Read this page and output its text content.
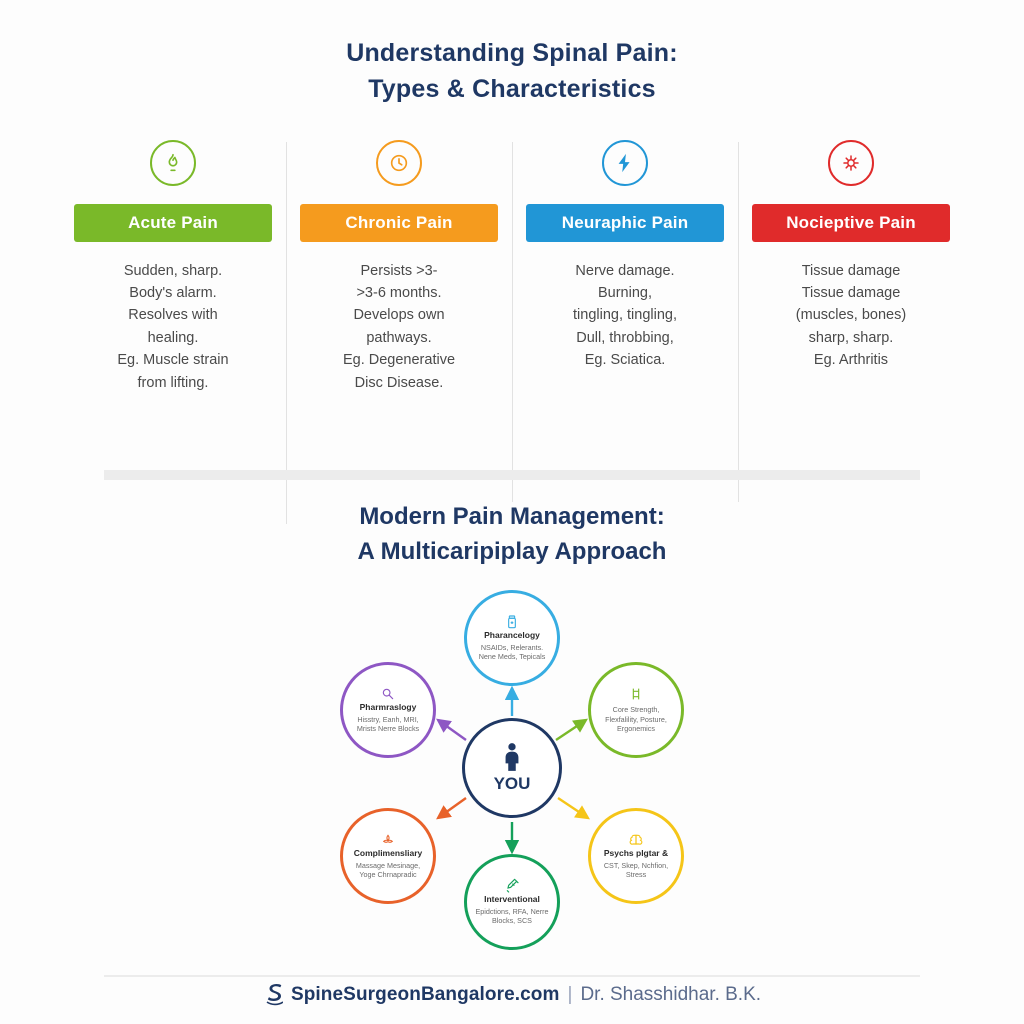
Understanding Spinal Pain:
Types & Characteristics
Acute Pain
Sudden, sharp.
Body's alarm.
Resolves with
healing.
Eg. Muscle strain
from lifting.
Chronic Pain
Persists >3-
>3-6 months.
Develops own
pathways.
Eg. Degenerative
Disc Disease.
Neuraphic Pain
Nerve damage.
Burning,
tingling, tingling,
Dull, throbbing,
Eg. Sciatica.
Nocieptive Pain
Tissue damage
Tissue damage
(muscles, bones)
sharp, sharp.
Eg. Arthritis
Modern Pain Management:
A Multicaripiplay Approach
YOU
Pharancelogy
NSAIDs, Relerants. Nene Meds, Tepicals
Core Strength, Flexfalility, Posture, Ergonemics
Psychs plgtar &
CST, Skep, Nchfion, Stress
Interventional
Epidctions, RFA, Nerre Blocks, SCS
Complimensliary
Massage Mesinage, Yoge Chrnapradic
Pharmraslogy
Hisstry, Eanh, MRI, Mrists Nerre Blocks
SpineSurgeonBangalore.com | Dr. Shasshidhar. B.K.
